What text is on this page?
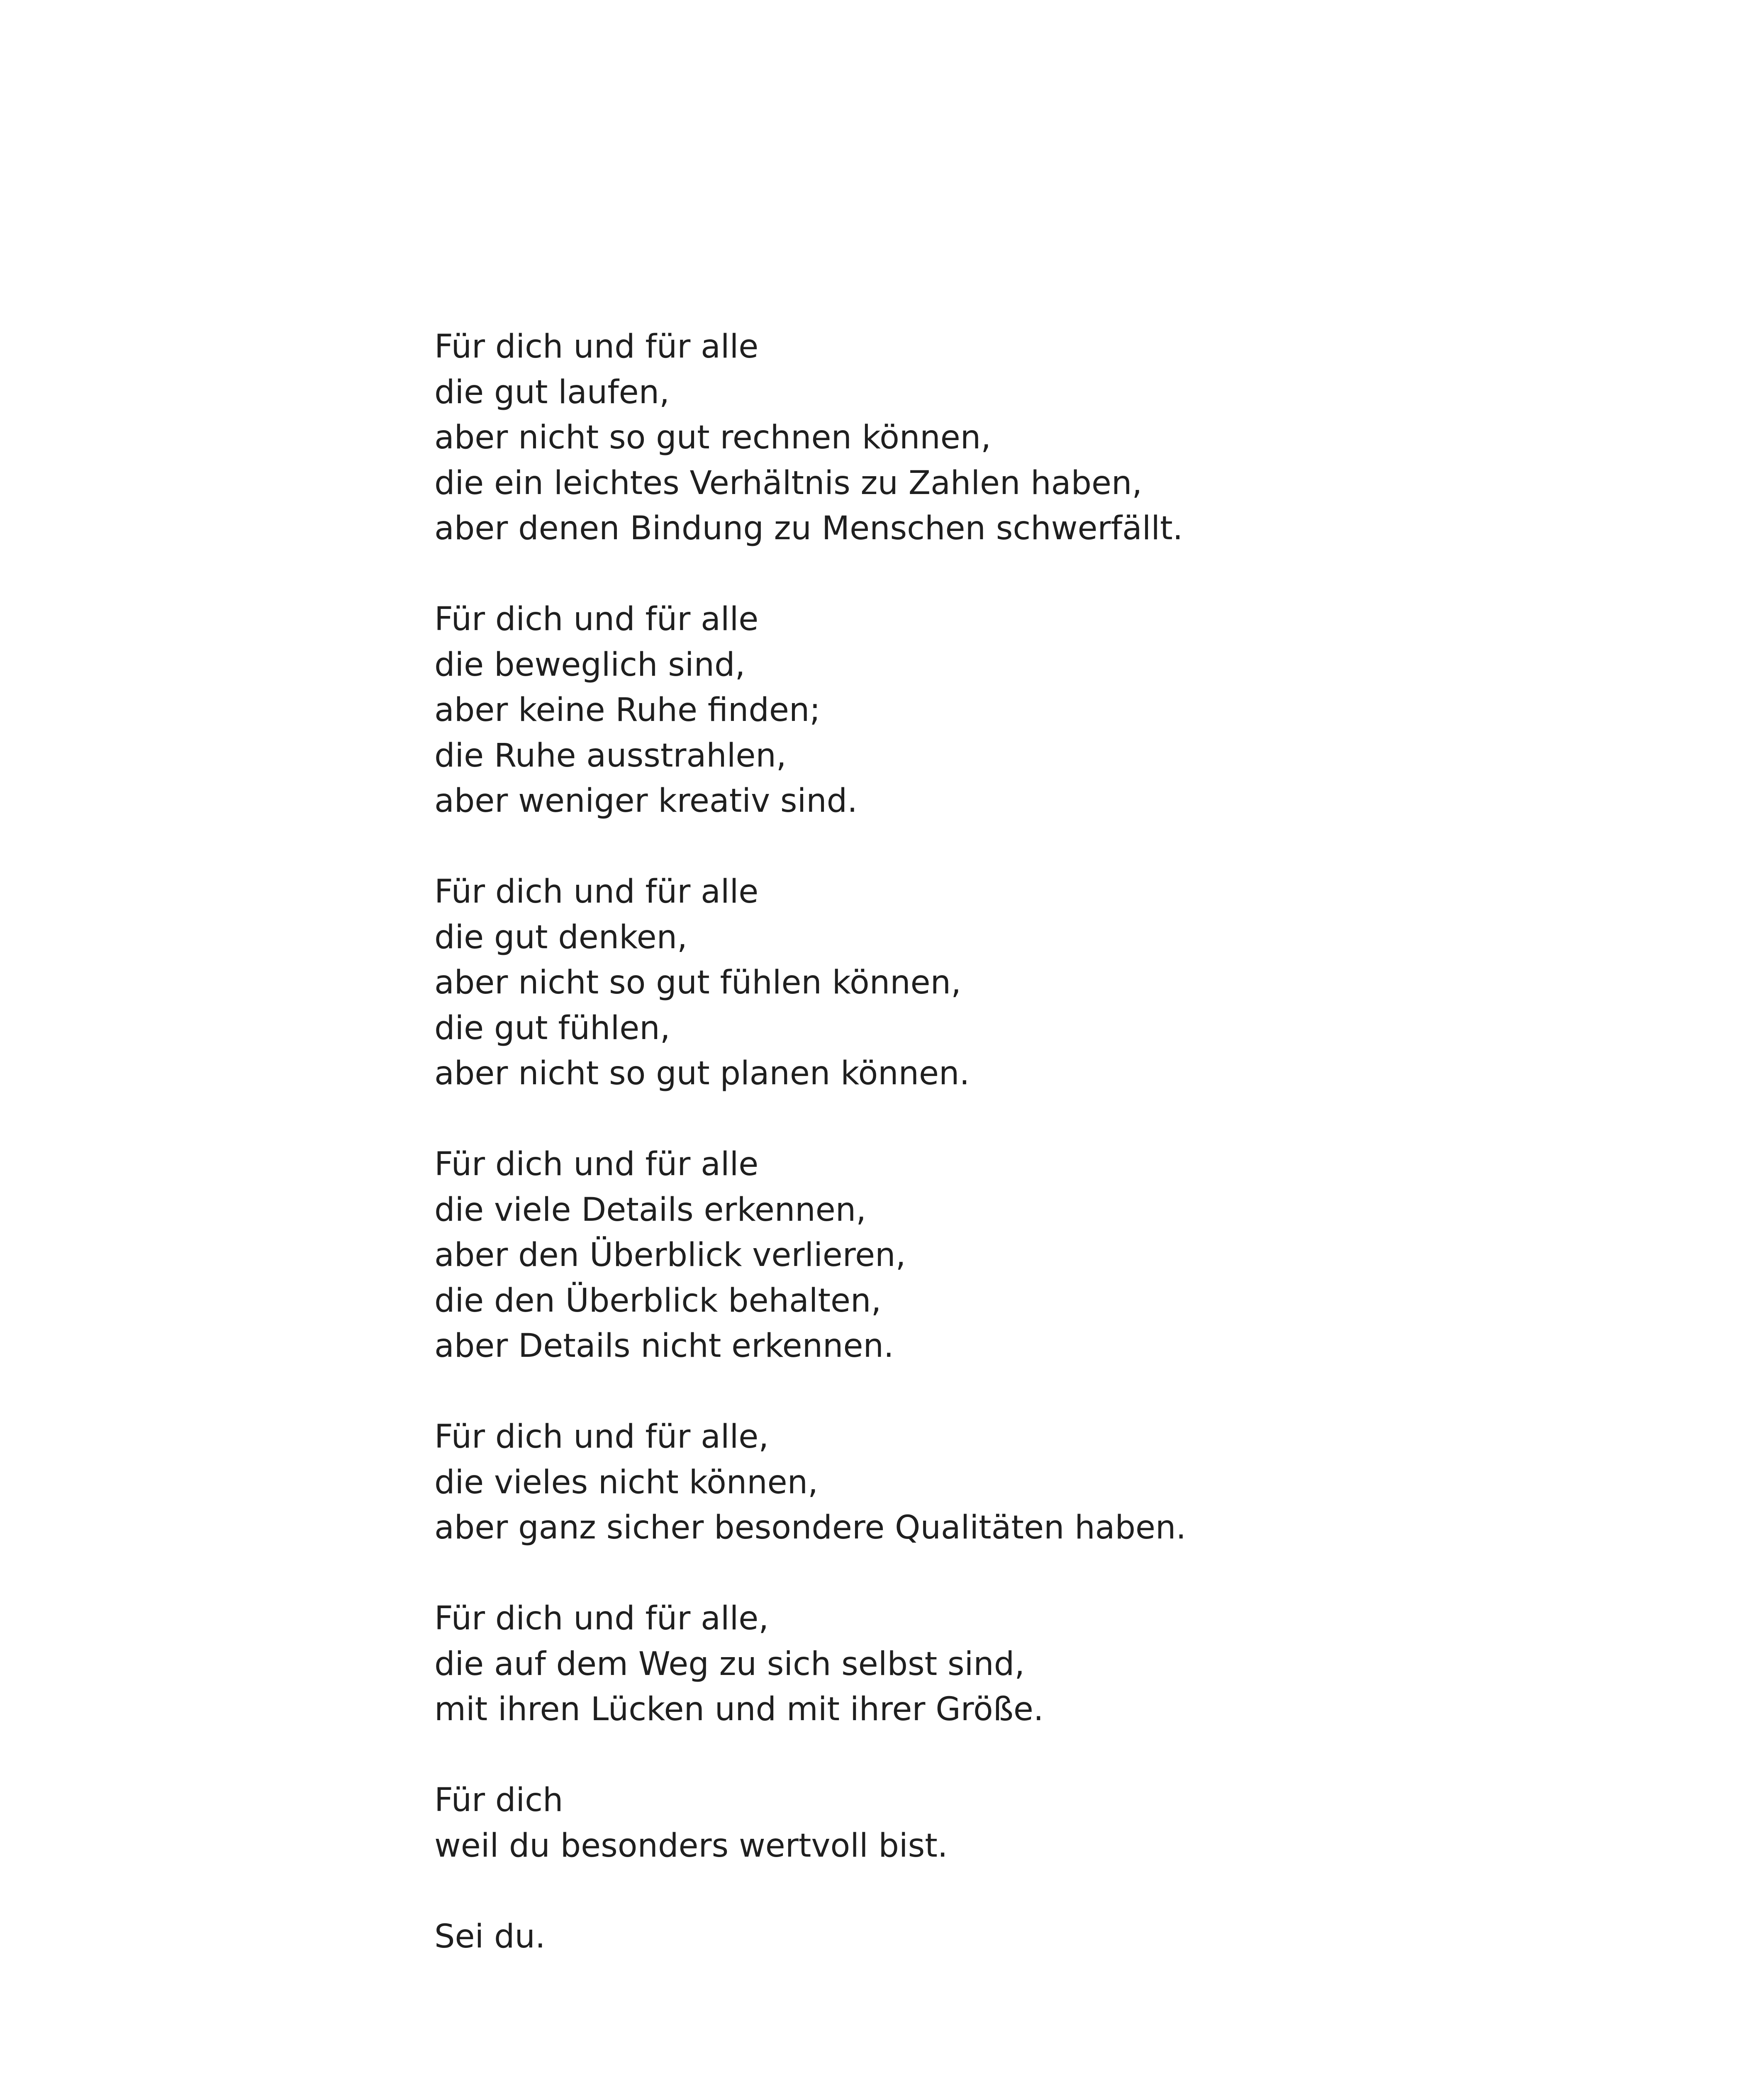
Für dich und für alle
die gut laufen,
aber nicht so gut rechnen können,
die ein leichtes Verhältnis zu Zahlen haben,
aber denen Bindung zu Menschen schwerfällt.
Für dich und für alle
die beweglich sind,
aber keine Ruhe finden;
die Ruhe ausstrahlen,
aber weniger kreativ sind.
Für dich und für alle
die gut denken,
aber nicht so gut fühlen können,
die gut fühlen,
aber nicht so gut planen können.
Für dich und für alle
die viele Details erkennen,
aber den Überblick verlieren,
die den Überblick behalten,
aber Details nicht erkennen.
Für dich und für alle,
die vieles nicht können,
aber ganz sicher besondere Qualitäten haben.
Für dich und für alle,
die auf dem Weg zu sich selbst sind,
mit ihren Lücken und mit ihrer Größe.
Für dich
weil du besonders wertvoll bist.
Sei du.
